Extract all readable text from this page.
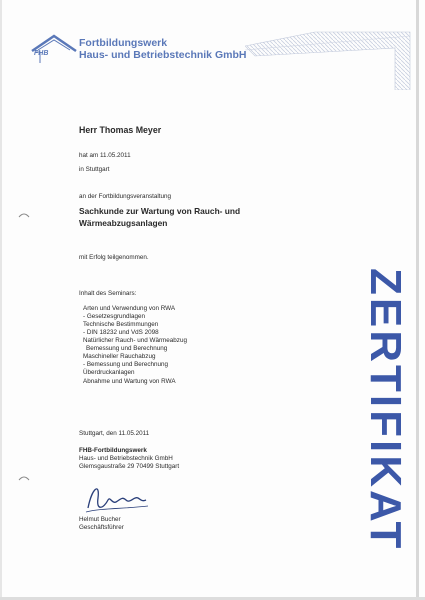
FHB
Fortbildungswerk
Haus- und Betriebstechnik GmbH
Herr Thomas Meyer
hat am 11.05.2011
in Stuttgart
an der Fortbildungsveranstaltung
Sachkunde zur Wartung von Rauch- und
Wärmeabzugsanlagen
mit Erfolg teilgenommen.
Inhalt des Seminars:
Arten und Verwendung von RWA
- Gesetzesgrundlagen
Technische Bestimmungen
- DIN 18232 und VdS 2098
Natürlicher Rauch- und Wärmeabzug
Bemessung und Berechnung
Maschineller Rauchabzug
- Bemessung und Berechnung
Überdruckanlagen
Abnahme und Wartung von RWA
Stuttgart, den 11.05.2011
FHB-Fortbildungswerk
Haus- und Betriebstechnik GmbH
Glemsgaustraße 29 70499 Stuttgart
Helmut Bucher
Geschäftsführer	ZERTIFIKAT
